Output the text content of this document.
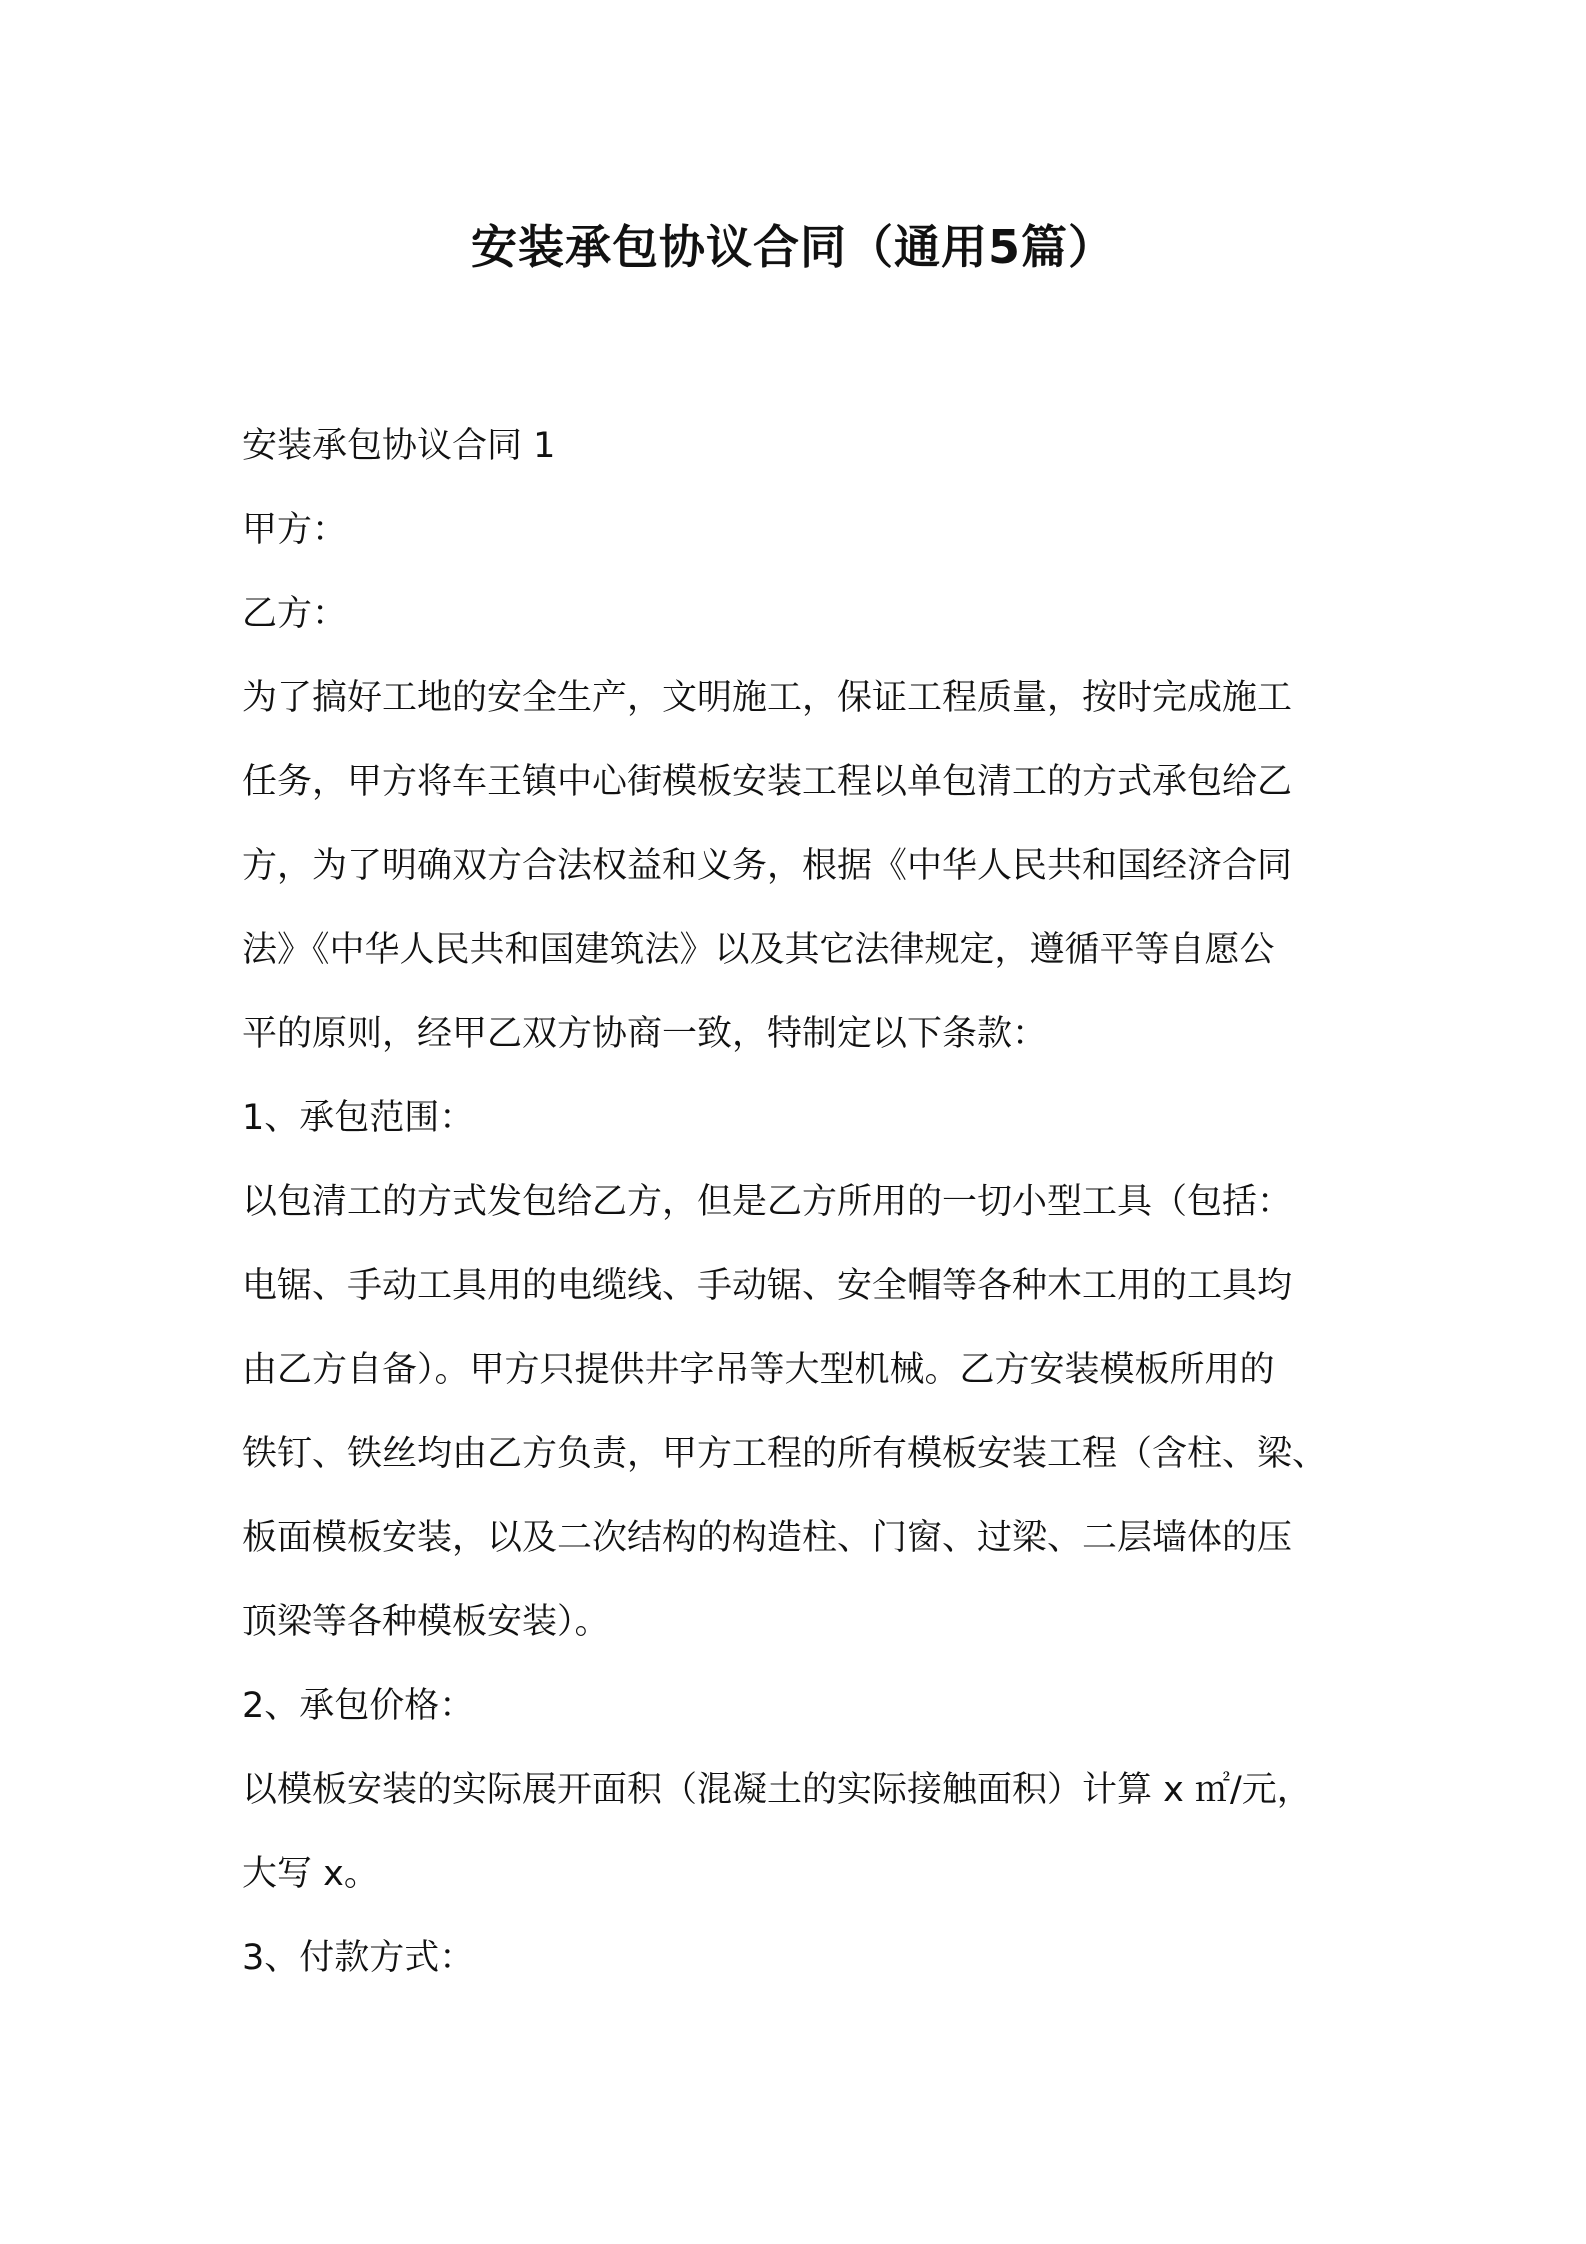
安装承包协议合同（通用5篇）
安装承包协议合同 1
甲方：
乙方：
为了搞好工地的安全生产，文明施工，保证工程质量，按时完成施工
任务，甲方将车王镇中心街模板安装工程以单包清工的方式承包给乙
方，为了明确双方合法权益和义务，根据《中华人民共和国经济合同
法》《中华人民共和国建筑法》以及其它法律规定，遵循平等自愿公
平的原则，经甲乙双方协商一致，特制定以下条款：
1、承包范围：
以包清工的方式发包给乙方，但是乙方所用的一切小型工具（包括：
电锯、手动工具用的电缆线、手动锯、安全帽等各种木工用的工具均
由乙方自备）。甲方只提供井字吊等大型机械。乙方安装模板所用的
铁钉、铁丝均由乙方负责，甲方工程的所有模板安装工程（含柱、梁、
板面模板安装，以及二次结构的构造柱、门窗、过梁、二层墙体的压
顶梁等各种模板安装）。
2、承包价格：
以模板安装的实际展开面积（混凝土的实际接触面积）计算 x ㎡/元，
大写 x。
3、付款方式：
